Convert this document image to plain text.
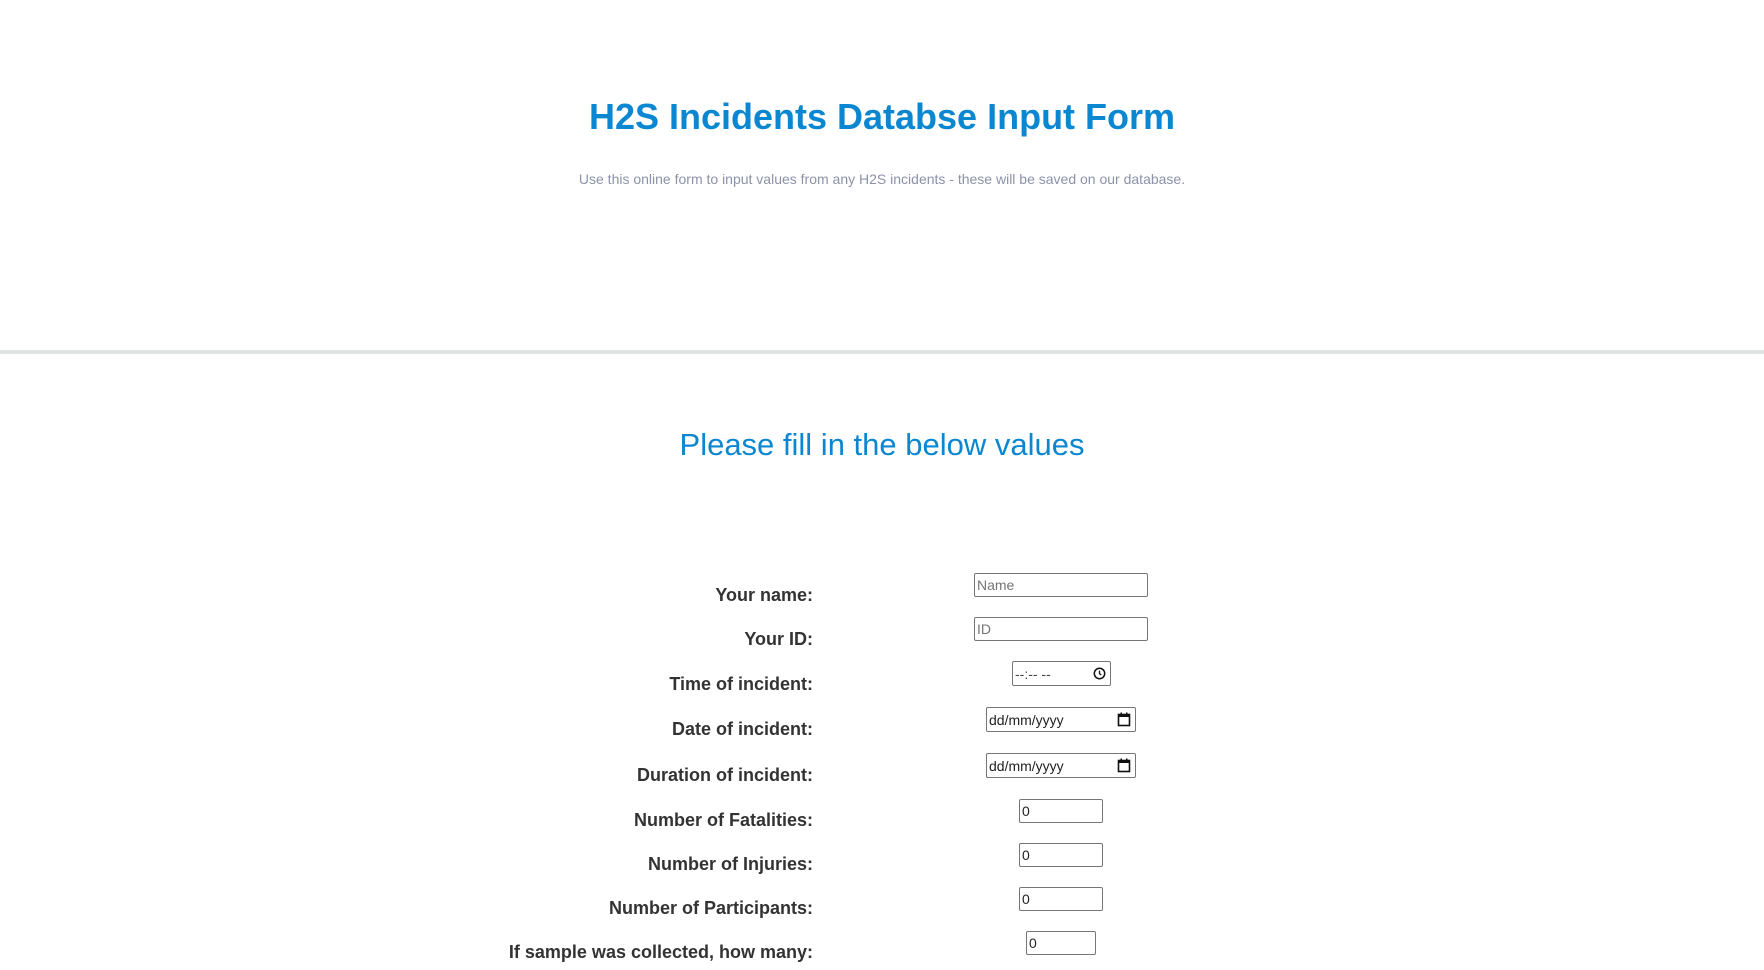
H2S Incidents Databse Input Form

Use this online form to input values from any H2S incidents - these will be saved on our database.

Please fill in the below values
Your name:	Name
Your ID:	ID
Time of incident:
--:-- --
Date of incident:	dd/mm/yyyy
Duration of incident:	dd/mm/yyyy
Number of Fatalities:	0
Number of Injuries:	0
Number of Participants:	0
If sample was collected, how many:	0
